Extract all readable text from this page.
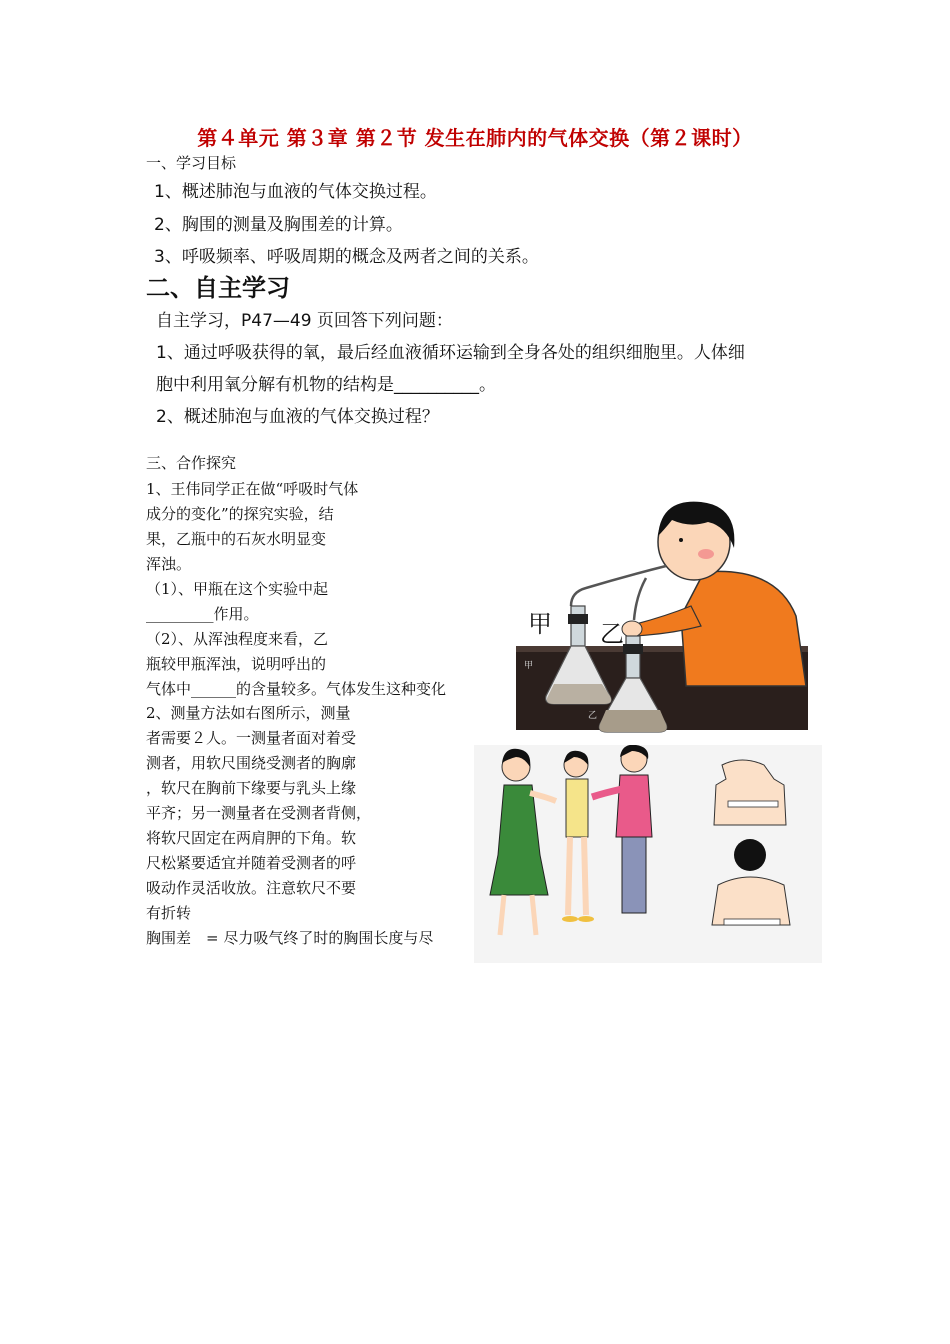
第４单元 第３章 第２节 发生在肺内的气体交换（第２课时）
一、学习目标
1、概述肺泡与血液的气体交换过程。
2、胸围的测量及胸围差的计算。
3、呼吸频率、呼吸周期的概念及两者之间的关系。
二、自主学习
自主学习，P47—49 页回答下列问题：
1、通过呼吸获得的氧，最后经血液循环运输到全身各处的组织细胞里。人体细
胞中利用氧分解有机物的结构是__________。
2、概述肺泡与血液的气体交换过程？
三、合作探究
1、王伟同学正在做“呼吸时气体
成分的变化”的探究实验，结
果，乙瓶中的石灰水明显变
浑浊。
（1）、甲瓶在这个实验中起
_________作用。
（2）、从浑浊程度来看，乙
瓶较甲瓶浑浊，说明呼出的
气体中______的含量较多。气体发生这种变化
2、测量方法如右图所示，测量
者需要２人。一测量者面对着受
测者，用软尺围绕受测者的胸廓
，软尺在胸前下缘要与乳头上缘
平齐；另一测量者在受测者背侧，
将软尺固定在两肩胛的下角。软
尺松紧要适宜并随着受测者的呼
吸动作灵活收放。注意软尺不要
有折转
胸围差　= 尽力吸气终了时的胸围长度与尽
甲 乙
甲
乙
